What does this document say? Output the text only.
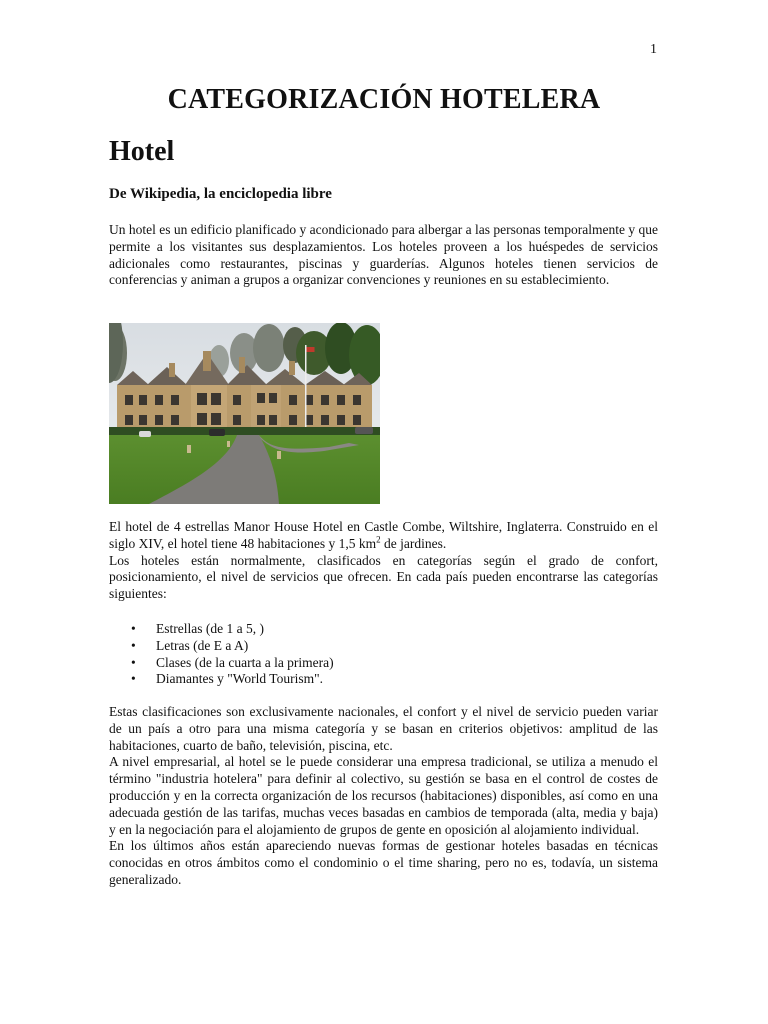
1
CATEGORIZACIÓN HOTELERA
Hotel

De Wikipedia, la enciclopedia libre

Un hotel es un edificio planificado y acondicionado para albergar a las personas temporalmente y que permite a los visitantes sus desplazamientos. Los hoteles proveen a los huéspedes de servicios adicionales como restaurantes, piscinas y guarderías. Algunos hoteles tienen servicios de conferencias y animan a grupos a organizar convenciones y reuniones en su establecimiento.

El hotel de 4 estrellas Manor House Hotel en Castle Combe, Wiltshire, Inglaterra. Construido en el siglo XIV, el hotel tiene 48 habitaciones y 1,5 $km^2$ de jardines.
Los hoteles están normalmente, clasificados en categorías según el grado de confort, posicionamiento, el nivel de servicios que ofrecen. En cada país pueden encontrarse las categorías siguientes:

• Estrellas (de 1 a 5, )
• Letras (de E a A)
• Clases (de la cuarta a la primera)
• Diamantes y "World Tourism".

Estas clasificaciones son exclusivamente nacionales, el confort y el nivel de servicio pueden variar de un país a otro para una misma categoría y se basan en criterios objetivos: amplitud de las habitaciones, cuarto de baño, televisión, piscina, etc.

A nivel empresarial, al hotel se le puede considerar una empresa tradicional, se utiliza a menudo el término "industria hotelera" para definir al colectivo, su gestión se basa en el control de costes de producción y en la correcta organización de los recursos (habitaciones) disponibles, así como en una adecuada gestión de las tarifas, muchas veces basadas en cambios de temporada (alta, media y baja) y en la negociación para el alojamiento de grupos de gente en oposición al alojamiento individual.

En los últimos años están apareciendo nuevas formas de gestionar hoteles basadas en técnicas conocidas en otros ámbitos como el condominio o el time sharing, pero no es, todavía, un sistema generalizado.
